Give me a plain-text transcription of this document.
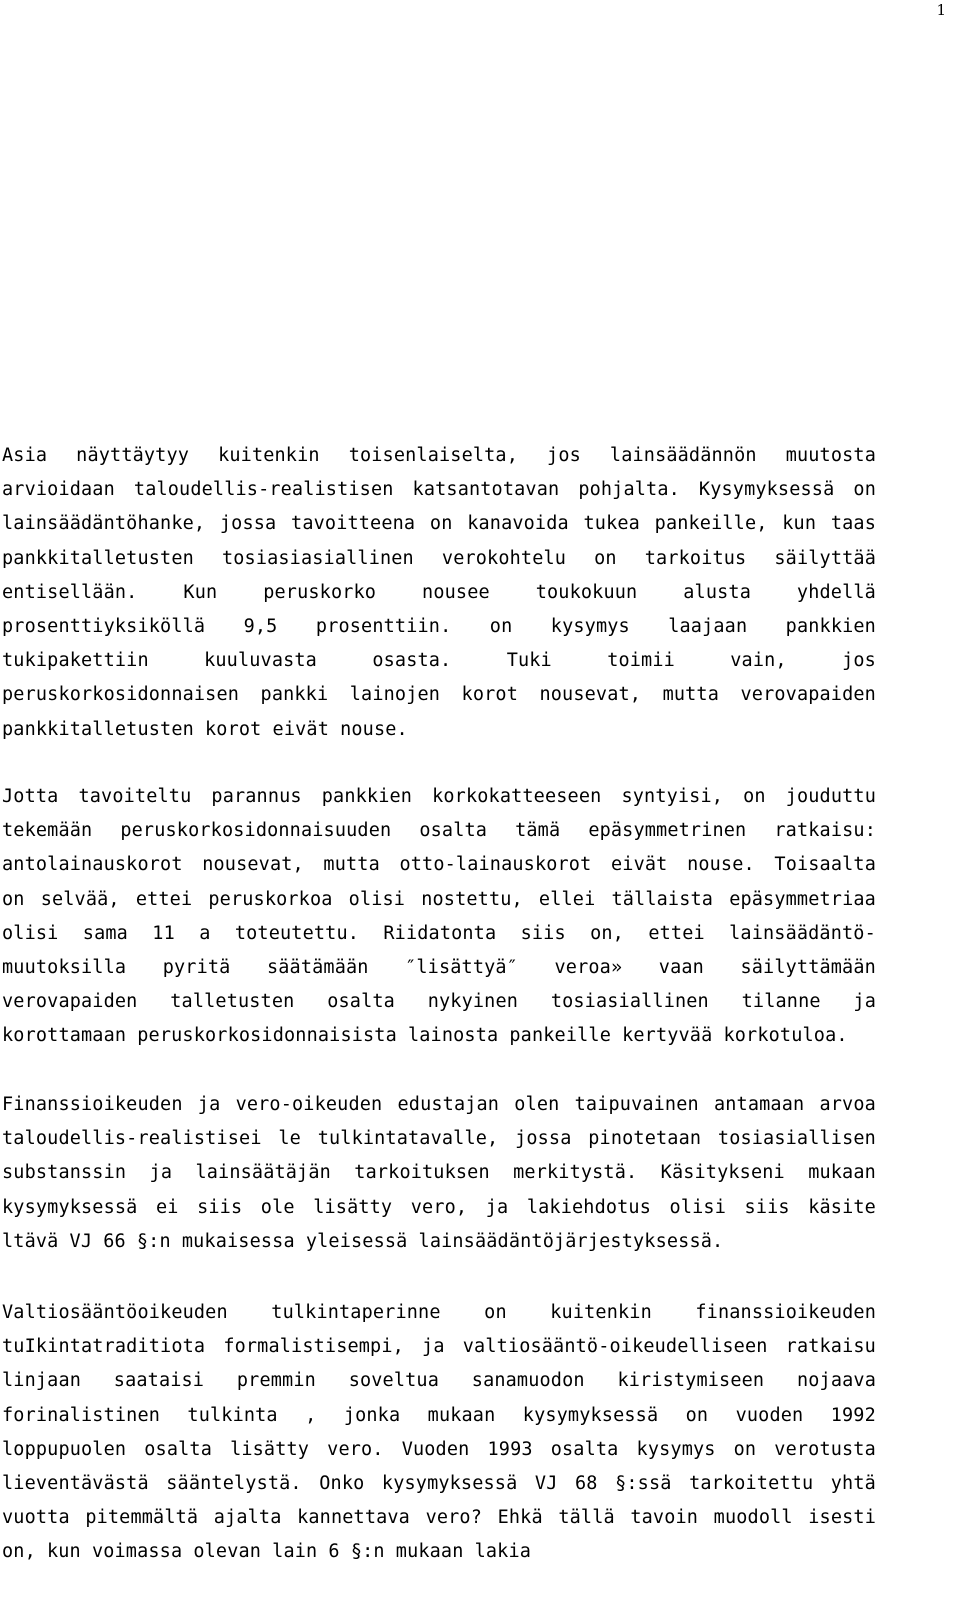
1
Asia näyttäytyy kuitenkin toisenlaiselta, jos lainsäädännön muutosta
arvioidaan taloudellis-realistisen katsantotavan pohjalta. Kysymyksessä on
lainsäädäntöhanke, jossa tavoitteena on kanavoida tukea pankeille, kun taas
pankkitalletusten tosiasiasiallinen verokohtelu on tarkoitus säilyttää
entisellään. Kun peruskorko nousee toukokuun alusta yhdellä
prosenttiyksiköllä 9,5 prosenttiin. on kysymys laajaan pankkien
tukipakettiin	kuuluvasta	osasta.	Tuki	toimii	vain,	jos
peruskorkosidonnaisen pankki lainojen korot nousevat, mutta verovapaiden
pankkitalletusten korot eivät nouse.
Jotta tavoiteltu parannus pankkien korkokatteeseen syntyisi, on jouduttu
tekemään peruskorkosidonnaisuuden osalta tämä epäsymmetrinen ratkaisu:
antolainauskorot nousevat, mutta otto-lainauskorot eivät nouse. Toisaalta
on selvää, ettei peruskorkoa olisi nostettu, ellei tällaista epäsymmetriaa
olisi sama 11 a toteutettu. Riidatonta siis on, ettei lainsäädäntö-
muutoksilla pyritä säätämään ″lisättyä″ veroa» vaan säilyttämään
verovapaiden talletusten osalta nykyinen tosiasiallinen tilanne ja
korottamaan peruskorkosidonnaisista lainosta pankeille kertyvää korkotuloa.
Finanssioikeuden ja vero-oikeuden edustajan olen taipuvainen antamaan arvoa
taloudellis-realistisei le tulkintatavalle, jossa pinotetaan tosiasiallisen
substanssin ja lainsäätäjän tarkoituksen merkitystä. Käsitykseni mukaan
kysymyksessä ei siis ole lisätty vero, ja lakiehdotus olisi siis käsite
ltävä VJ 66 §:n mukaisessa yleisessä lainsäädäntöjärjestyksessä.
Valtiosääntöoikeuden tulkintaperinne on kuitenkin finanssioikeuden
tuIkintatraditiota formalistisempi, ja valtiosääntö-oikeudelliseen ratkaisu
linjaan saataisi premmin soveltua sanamuodon kiristymiseen nojaava
forinalistinen tulkinta , jonka mukaan kysymyksessä on vuoden 1992
loppupuolen osalta lisätty vero. Vuoden 1993 osalta kysymys on verotusta
lieventävästä sääntelystä. Onko kysymyksessä VJ 68 §:ssä tarkoitettu yhtä
vuotta pitemmältä ajalta kannettava vero? Ehkä tällä tavoin muodoll isesti
on, kun voimassa olevan lain 6 §:n mukaan lakia
